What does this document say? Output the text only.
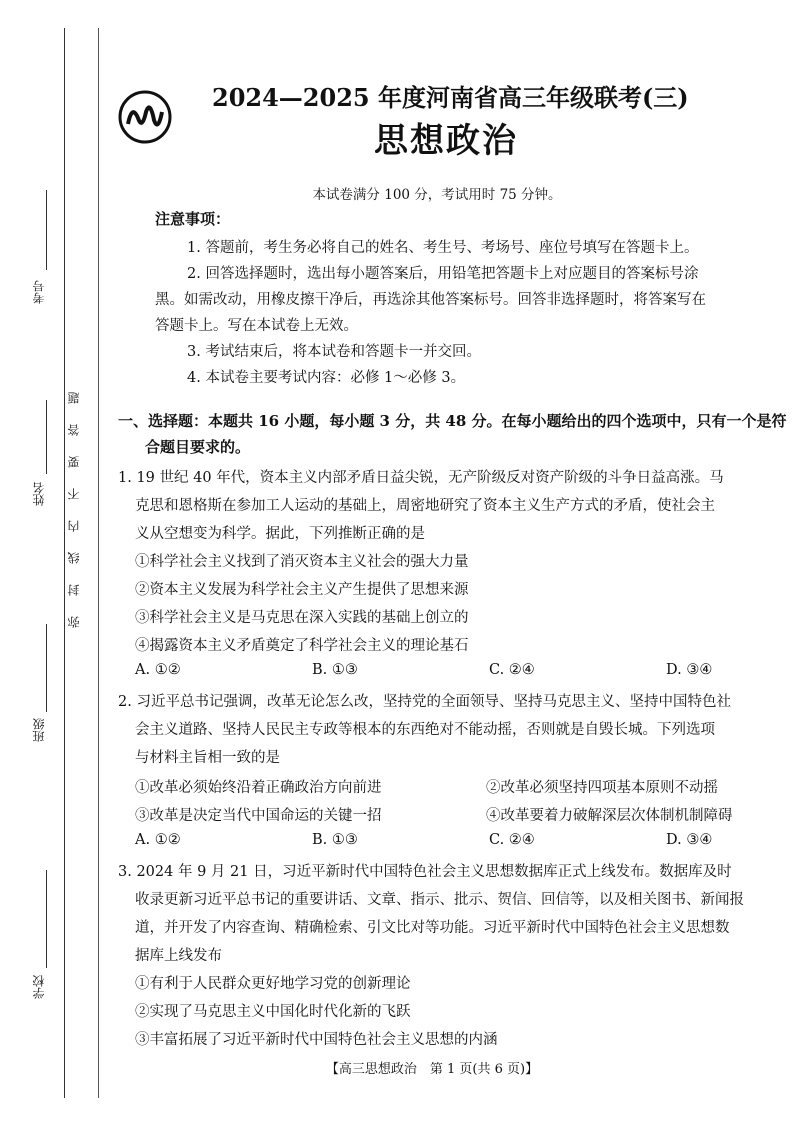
考号
姓名
班级
学校
弥封线内不要答题
2024—2025 年度河南省高三年级联考(三)
思想政治
本试卷满分 100 分，考试用时 75 分钟。
注意事项：
1. 答题前，考生务必将自己的姓名、考生号、考场号、座位号填写在答题卡上。
2. 回答选择题时，选出每小题答案后，用铅笔把答题卡上对应题目的答案标号涂
黑。如需改动，用橡皮擦干净后，再选涂其他答案标号。回答非选择题时，将答案写在
答题卡上。写在本试卷上无效。
3. 考试结束后，将本试卷和答题卡一并交回。
4. 本试卷主要考试内容：必修 1～必修 3。
一、选择题：本题共 16 小题，每小题 3 分，共 48 分。在每小题给出的四个选项中，只有一个是符
合题目要求的。
1. 19 世纪 40 年代，资本主义内部矛盾日益尖锐，无产阶级反对资产阶级的斗争日益高涨。马
克思和恩格斯在参加工人运动的基础上，周密地研究了资本主义生产方式的矛盾，使社会主
义从空想变为科学。据此，下列推断正确的是
①科学社会主义找到了消灭资本主义社会的强大力量
②资本主义发展为科学社会主义产生提供了思想来源
③科学社会主义是马克思在深入实践的基础上创立的
④揭露资本主义矛盾奠定了科学社会主义的理论基石
A. ①②	B. ①③	C. ②④	D. ③④
2. 习近平总书记强调，改革无论怎么改，坚持党的全面领导、坚持马克思主义、坚持中国特色社
会主义道路、坚持人民民主专政等根本的东西绝对不能动摇，否则就是自毁长城。下列选项
与材料主旨相一致的是
①改革必须始终沿着正确政治方向前进	②改革必须坚持四项基本原则不动摇
③改革是决定当代中国命运的关键一招	④改革要着力破解深层次体制机制障碍
A. ①②	B. ①③	C. ②④	D. ③④
3. 2024 年 9 月 21 日，习近平新时代中国特色社会主义思想数据库正式上线发布。数据库及时
收录更新习近平总书记的重要讲话、文章、指示、批示、贺信、回信等，以及相关图书、新闻报
道，并开发了内容查询、精确检索、引文比对等功能。习近平新时代中国特色社会主义思想数
据库上线发布
①有利于人民群众更好地学习党的创新理论
②实现了马克思主义中国化时代化新的飞跃
③丰富拓展了习近平新时代中国特色社会主义思想的内涵
【高三思想政治　第 1 页(共 6 页)】
